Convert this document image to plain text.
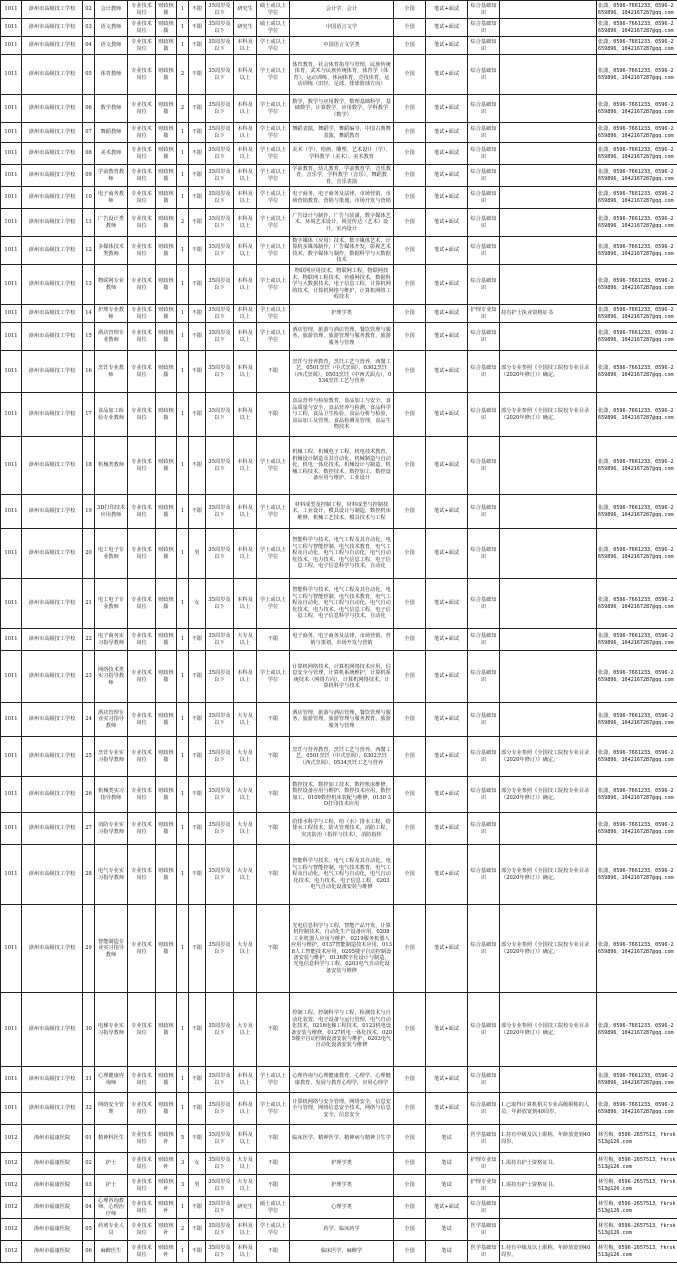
1011	漳州市高级技工学校	02	会计教师	专业技术岗位	财政核拨	1	不限	35周岁及以下	研究生	硕士或以上学位	会计学、会计	全国	笔试+面试	综合基础知识		张潇，0596-7661233，0596-2659896，1042167287@qq.com
1011	漳州市高级技工学校	03	语文教师	专业技术岗位	财政核拨	1	不限	35周岁及以下	研究生	硕士或以上学位	中国语言文学	全国	笔试+面试	综合基础知识		张潇，0596-7661233，0596-2659896，1042167287@qq.com
1011	漳州市高级技工学校	04	语文教师	专业技术岗位	财政核拨	1	不限	35周岁及以下	本科及以上	学士或以上学位	中国语言文学类	全国	笔试+面试	综合基础知识		张潇，0596-7661233，0596-2659896，1042167287@qq.com
1011	漳州市高级技工学校	05	体育教师	专业技术岗位	财政核拨	2	不限	35周岁及以下	本科及以上	学士或以上学位	体育教育，社会体育指导与管理，民族传统体育，武术与民族传统体育，体育学（体育），运动训练，休闲体育，竞技体育，运动训练（田径、足球、排球篮球方向）	全国	笔试+面试	综合基础知识		张潇，0596-7661233，0596-2659896，1042167287@qq.com
1011	漳州市高级技工学校	06	数学教师	专业技术岗位	财政核拨	2	不限	35周岁及以下	本科及以上	学士或以上学位	数学，数学与应用数学，数理基础科学，基础数学，计算数学，应用数学，学科教学（数学）	全国	笔试+面试	综合基础知识		张潇，0596-7661233，0596-2659896，1042167287@qq.com
1011	漳州市高级技工学校	07	舞蹈教师	专业技术岗位	财政核拨	1	不限	35周岁及以下	本科及以上	学士或以上学位	舞蹈表演，舞蹈学，舞蹈编导，中国古典舞表演，舞蹈教育	全国	笔试+面试	综合基础知识		张潇，0596-7661233，0596-2659896，1042167287@qq.com
1011	漳州市高级技工学校	08	美术教师	专业技术岗位	财政核拨	1	不限	35周岁及以下	本科及以上	学士或以上学位	美术（学）、绘画、雕塑、艺术设计（学）、学科教学（美术）、美术教育	全国	笔试+面试	综合基础知识		张潇，0596-7661233，0596-2659896，1042167287@qq.com
1011	漳州市高级技工学校	09	学前教育教师	专业技术岗位	财政核拨	1	不限	35周岁及以下	本科及以上	学士或以上学位	学前教育，幼儿教育，学前教育学，音乐教育，音乐学，学科教学（音乐），舞蹈教育，音乐表演	全国	笔试+面试	综合基础知识		张潇，0596-7661233，0596-2659896，1042167287@qq.com
1011	漳州市高级技工学校	10	电子商务教师	专业技术岗位	财政核拨	1	不限	35周岁及以下	本科及以上	学士或以上学位	电子商务，电子商务及法律，市场营销，市场营销教育，营销与策划，市场开发与营销	全国	笔试+面试	综合基础知识		张潇，0596-7661233，0596-2659896，1042167287@qq.com
1011	漳州市高级技工学校	11	广告设计类教师	专业技术岗位	财政核拨	2	不限	35周岁及以下	本科及以上	学士或以上学位	广告设计与制作，广告与装潢，数字媒体艺术，环境艺术设计，视觉传达（艺术）设计，室内设计	全国	笔试+面试	综合基础知识		张潇，0596-7661233，0596-2659896，1042167287@qq.com
1011	漳州市高级技工学校	12	多媒体技术类教师	专业技术岗位	财政核拨	1	不限	35周岁及以下	本科及以上	学士或以上学位	数字媒体（应用）技术，数字媒体艺术，计算机多媒体制作，广告媒体开发，影视艺术技术，数字媒体与制作，数据科学与大数据技术	全国	笔试+面试	综合基础知识		张潇，0596-7661233，0596-2659896，1042167287@qq.com
1011	漳州市高级技工学校	13	物联网专业教师	专业技术岗位	财政核拨	1	不限	35周岁及以下	本科及以上	学士或以上学位	物联网应用技术，物联网工程，物联网技术，物联网工程技术，传感网技术，数据科学与大数据技术，电子信息工程，计算机网络技术，计算机网络与维护，计算机网络工程技术	全国	笔试+面试	综合基础知识		张潇，0596-7661233，0596-2659896，1042167287@qq.com
1011	漳州市高级技工学校	14	护理专业教师	专业技术岗位	财政核拨	1	不限	35周岁及以下	本科及以上	学士或以上学位	护理学类	全国	笔试+面试	护理专业知识	持有护士执业资格证书	张潇，0596-7661233，0596-2659896，1042167287@qq.com
1011	漳州市高级技工学校	15	酒店管理专业教师	专业技术岗位	财政核拨	1	不限	35周岁及以下	本科及以上	学士或以上学位	酒店管理，旅游与酒店管理，餐饮管理与服务，旅游管理，旅游管理与服务教育，旅游服务与管理	全国	笔试+面试	综合基础知识		张潇，0596-7661233，0596-2659896，1042167287@qq.com
1011	漳州市高级技工学校	16	烹饪专业教师	专业技术岗位	财政核拨	1	不限	35周岁及以下	本科及以上	不限	烹饪与营养教育，烹饪工艺与营养，西餐工艺，0501烹饪（中式烹调），0302烹饪（西式烹调），0503烹饪（中西式面点），0534烹饪工艺与营养	全国	笔试+面试	综合基础知识	部分专业参照《全国技工院校专业目录（2020年修订）》确定。	张潇，0596-7661233，0596-2659896，1042167287@qq.com
1011	漳州市高级技工学校	17	食品加工检验专业教师	专业技术岗位	财政核拨	1	不限	35周岁及以下	本科及以上	不限	食品营养与检验教育，食品加工与安全，食品质量与安全，食品营养与检测，食品科学与工程，食品卫生检验，食品分析与检验，食品加工及管理，食品检测及管理，食品生物技术	全国	笔试+面试	综合基础知识	部分专业参照《全国技工院校专业目录（2020年修订）》确定。	张潇，0596-7661233，0596-2659896，1042167287@qq.com
1011	漳州市高级技工学校	18	机械类教师	专业技术岗位	财政核拨	1	不限	35周岁及以下	本科及以上	学士或以上学位	机械工程，机械电子工程，机电技术教育，机械设计制造及其自动化，机械制造与自动化，机电一体化技术，机械设计与制造，机械工程技术，数控技术，数控加工，数控设备应用与维护，工业设计	全国	笔试+面试	综合基础知识		张潇，0596-7661233，0596-2659896，1042167287@qq.com
1011	漳州市高级技工学校	19	3D打印技术应用教师	专业技术岗位	财政核拨	1	不限	35周岁及以下	本科及以上	学士或以上学位	材料成型及控制工程，材料成型与控制技术，工业设计，模具设计与制造，数控机床维修，机械工艺技术，模具技术与工程	全国	笔试+面试	综合基础知识		张潇，0596-7661233，0596-2659896，1042167287@qq.com
1011	漳州市高级技工学校	20	电工电子专业教师	专业技术岗位	财政核拨	1	男	35周岁及以下	本科及以上	学士或以上学位	智能科学与技术，电气工程及其自动化，电气工程与智能控制，电气技术教育，电气工程及自动化，电气工程与自动化，电气自动化技术，电力技术，电气信息工程，电子信息工程，电子信息科学与技术，自动化	全国	笔试+面试	综合基础知识		张潇，0596-7661233，0596-2659896，1042167287@qq.com
1011	漳州市高级技工学校	21	电工电子专业教师	专业技术岗位	财政核拨	1	女	35周岁及以下	本科及以上	学士或以上学位	智能科学与技术，电气工程及其自动化，电气工程与智能控制，电气技术教育，电气工程及自动化，电气工程与自动化，电气自动化技术，电力技术，电气信息工程，电子信息工程，电子信息科学与技术，自动化	全国	笔试+面试	综合基础知识		张潇，0596-7661233，0596-2659896，1042167287@qq.com
1011	漳州市高级技工学校	22	电子商务实习指导教师	专业技术岗位	财政核拨	1	不限	35周岁及以下	大专及以上	不限	电子商务，电子商务及法律，市场营销，营销与策划，市场开发与营销	全国	笔试+面试	综合基础知识		张潇，0596-7661233，0596-2659896，1042167287@qq.com
1011	漳州市高级技工学校	23	网络技术类实习指导教师	专业技术岗位	财政核拨	1	不限	35周岁及以下	本科及以上	学士或以上学位	计算机网络技术，计算机网络技术应用，信息安全与管理，计算机系统维护，计算机系统技术（网络方向），计算机网络技术，计算机科学与技术	全国	笔试+面试	综合基础知识		张潇，0596-7661233，0596-2659896，1042167287@qq.com
1011	漳州市高级技工学校	24	酒店管理专业实习指导教师	专业技术岗位	财政核拨	1	不限	35周岁及以下	大专及以上	不限	酒店管理，旅游与酒店管理，餐饮管理与服务，旅游管理，旅游管理与服务教育，旅游服务与管理	全国	笔试+面试	综合基础知识		张潇，0596-7661233，0596-2659896，1042167287@qq.com
1011	漳州市高级技工学校	25	烹饪专业实习指导教师	专业技术岗位	财政核拨	1	不限	35周岁及以下	大专及以上	不限	烹饪与营养教育，烹饪工艺与营养，西餐工艺，0501烹饪（中式烹调），0302烹饪（西式烹调），0534烹饪工艺与营养	全国	笔试+面试	综合基础知识	部分专业参照《全国技工院校专业目录（2020年修订）》确定。	张潇，0596-7661233，0596-2659896，1042167287@qq.com
1011	漳州市高级技工学校	26	机械类实习指导教师	专业技术岗位	财政核拨	1	不限	35周岁及以下	大专及以上	不限	数控技术，数控加工技术，数控机床维修，数控设备应用与维护，数控技术应用，数控加工，0109数控机床装配与维修，0130 3D打印技术应用	全国	笔试+面试	综合基础知识	部分专业参照《全国技工院校专业目录（2020年修订）》确定。	张潇，0596-7661233，0596-2659896，1042167287@qq.com
1011	漳州市高级技工学校	27	消防专业实习指导教师	专业技术岗位	财政核拨	1	不限	35周岁及以下	大专及以上	不限	给排水科学与工程，给（水）排水工程，给排水工程技术，防火管理技术，消防工程，灾害防治（指挥与技术），消防指挥	全国	笔试+面试	综合基础知识		张潇，0596-7661233，0596-2659896，1042167287@qq.com
1011	漳州市高级技工学校	28	电气专业实习指导教师	专业技术岗位	财政核拨	1	不限	35周岁及以下	大专及以上	不限	智能科学与技术，电气工程及其自动化，电气工程与智能控制，电气技术教育，电气工程及自动化，电气工程与自动化，电气自动化技术，电力技术，电子信息工程，0203电气自动化设备安装与维修	全国	笔试+面试	综合基础知识	部分专业参照《全国技工院校专业目录（2020年修订）》确定。	张潇，0596-7661233，0596-2659896，1042167287@qq.com
1011	漳州市高级技工学校	29	智能制造专业实习指导教师	专业技术岗位	财政核拨	1	不限	35周岁及以下	大专及以上	不限	光电信息科学与工程，智能产品开发，计算机控制技术，自动化生产设备应用，0208工业机器人应用与维护，0219服务机器人应用与维护，0137智能制造技术应用，0138人工智能技术应用，0205楼宇自动控制设备安装与维护，0136数字化设计与制造，光电信息科学与工程，0203电气自动化设备安装与维修	全国	笔试+面试	综合基础知识	部分专业参照《全国技工院校专业目录（2020年修订）》确定。	张潇，0596-7661233，0596-2659896，1042167287@qq.com
1011	漳州市高级技工学校	30	电梯专业实习指导教师	专业技术岗位	财政核拨	1	不限	35周岁及以下	大专及以上	不限	控制工程，控制科学与工程，检测技术与自动化装置，电子设备与运行管理，电气自动化技术，0216电梯工程技术，0123机电设备安装与维修，0127机电一体化技术，0205楼宇自动控制设备安装与维护，0203电气自动化设备安装与维修	全国	笔试+面试	综合基础知识	部分专业参照《全国技工院校专业目录（2020年修订）》确定。	张潇，0596-7661233，0596-2659896，1042167287@qq.com
1011	漳州市高级技工学校	31	心理健康咨询师	专业技术岗位	财政核拨	1	不限	35周岁及以下	本科及以上	学士或以上学位	心理咨询与心理健康教育，心理学，心理健康教育，发展与教育心理学，应用心理学	全国	笔试+面试	综合基础知识		张潇，0596-7661233，0596-2659896，1042167287@qq.com
1011	漳州市高级技工学校	32	网络安全管理	专业技术岗位	财政核拨	1	不限	35周岁及以下	本科及以上	学士或以上学位	计算机网络与安全管理，网络安全，信息安全与管理，网络信息安全技术，网络与信息安全，信息安全	全国	笔试+面试	综合基础知识	1.已取得计算机相关专业高级职称的人员，年龄放宽到40周岁。	张潇，0596-7661233，0596-2659896，1042167287@qq.com
1012	漳州市福康医院	01	精神科医生	专业技术岗位	财政核补	5	不限	35周岁及以下	本科及以上	不限	临床医学、精神医学、精神病与精神卫生学	全国	笔试	医学基础知识	1.持有中级及以上职称，年龄放宽到40周岁。	林雪梅，0596-2657513，fkrsk513@126.com
1012	漳州市福康医院	02	护士	专业技术岗位	财政核补	3	女	35周岁及以下	大专及以上	不限	护理学类	全国	笔试	护理专业知识	1.需持有护士资格证书。	林雪梅，0596-2657513，fkrsk513@126.com
1012	漳州市福康医院	03	护士	专业技术岗位	财政核补	3	男	35周岁及以下	大专及以上	不限	护理学类	全国	笔试	护理专业知识	1.需持有护士资格证书。	林雪梅，0596-2657513，fkrsk513@126.com
1012	漳州市福康医院	04	心理咨询教师、心理治疗师	专业技术岗位	财政核补	1	不限	35周岁及以下	研究生	硕士或以上学位	心理学类	全国	笔试+面试	综合基础知识		林雪梅，0596-2657513，fkrsk513@126.com
1012	漳州市福康医院	05	药剂专业人员	专业技术岗位	财政核补	2	不限	35周岁及以下	本科及以上	学士或以上学位	药学、临床药学	全国	笔试	医学基础知识		林雪梅，0596-2657513，fkrsk513@126.com
1012	漳州市福康医院	06	麻醉医生	专业技术岗位	财政核补	1	不限	35周岁及以下	本科及以上	不限	临床医学、麻醉学	全国	笔试	医学基础知识	1.持有中级及以上职称，年龄放宽到40周岁。	林雪梅，0596-2657513，fkrsk513@126.com
